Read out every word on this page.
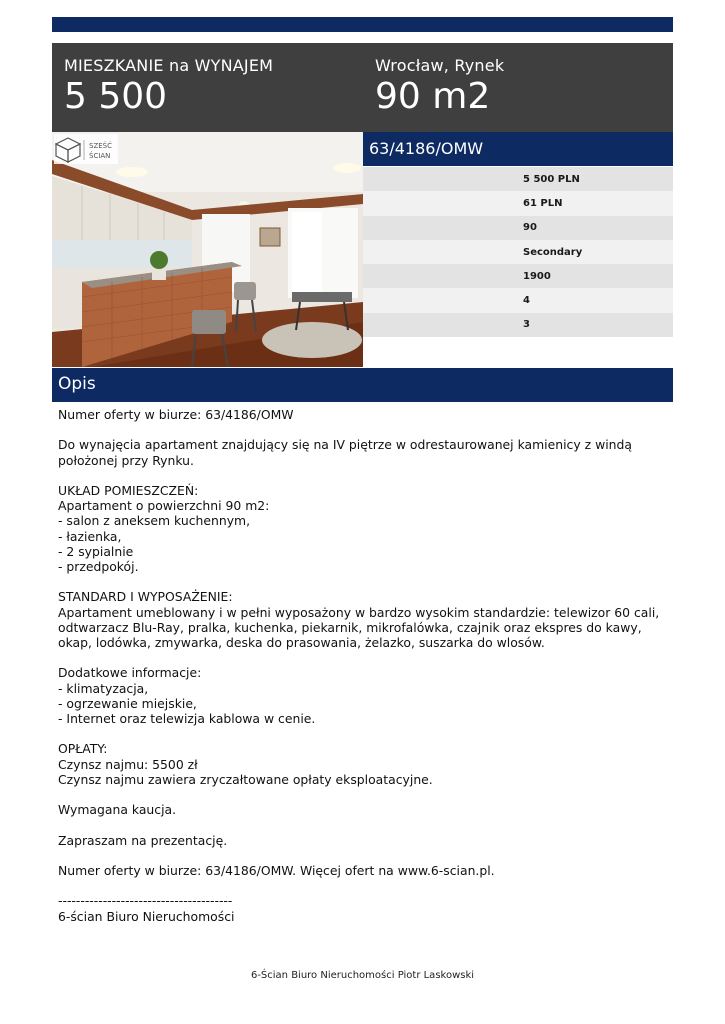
MIESZKANIE na WYNAJEM
5 500
Wrocław, Rynek
90 m2
SZEŚĆ
ŚCIAN	63/4186/OMW
5 500 PLN
61 PLN
90
Secondary
1900
4
3
Opis

Numer oferty w biurze: 63/4186/OMW

Do wynajęcia apartament znajdujący się na IV piętrze w odrestaurowanej kamienicy z windą
położonej przy Rynku.

UKŁAD POMIESZCZEŃ:
Apartament o powierzchni 90 m2:
- salon z aneksem kuchennym,
- łazienka,
- 2 sypialnie
- przedpokój.

STANDARD I WYPOSAŻENIE:
Apartament umeblowany i w pełni wyposażony w bardzo wysokim standardzie: telewizor 60 cali,
odtwarzacz Blu-Ray, pralka, kuchenka, piekarnik, mikrofalówka, czajnik oraz ekspres do kawy,
okap, lodówka, zmywarka, deska do prasowania, żelazko, suszarka do wlosów.

Dodatkowe informacje:
- klimatyzacja,
- ogrzewanie miejskie,
- Internet oraz telewizja kablowa w cenie.

OPŁATY:
Czynsz najmu: 5500 zł
Czynsz najmu zawiera zryczałtowane opłaty eksploatacyjne.

Wymagana kaucja.

Zapraszam na prezentację.

Numer oferty w biurze: 63/4186/OMW. Więcej ofert na www.6-scian.pl.

---------------------------------------
6-ścian Biuro Nieruchomości

6-Ścian Biuro Nieruchomości Piotr Laskowski
